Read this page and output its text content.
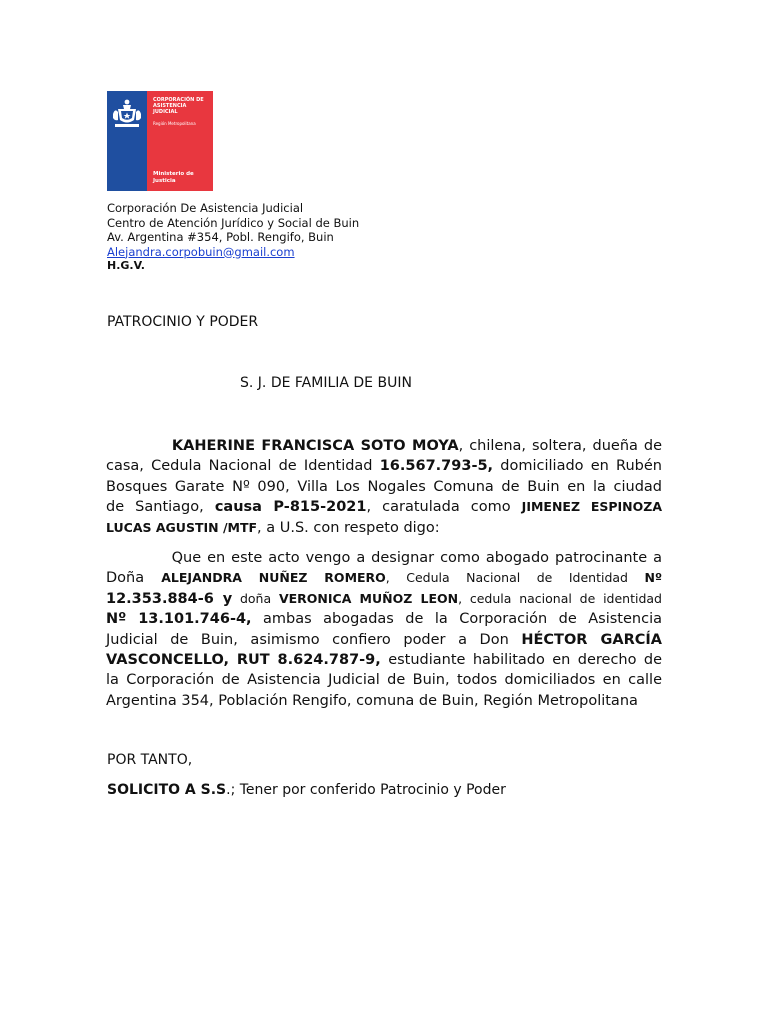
CORPORACIÓN DE ASISTENCIA JUDICIAL
Región Metropolitana
Ministerio de Justicia
Corporación De Asistencia Judicial
Centro de Atención Jurídico y Social de Buin
Av. Argentina #354, Pobl. Rengifo, Buin
Alejandra.corpobuin@gmail.com
H.G.V.
PATROCINIO Y PODER
S. J. DE FAMILIA DE BUIN
KAHERINE FRANCISCA SOTO MOYA, chilena, soltera, dueña de
casa, Cedula Nacional de Identidad 16.567.793-5, domiciliado en Rubén
Bosques Garate Nº 090, Villa Los Nogales Comuna de Buin en la ciudad
de Santiago, causa P-815-2021, caratulada como JIMENEZ ESPINOZA
LUCAS AGUSTIN /MTF, a U.S. con respeto digo:
Que en este acto vengo a designar como abogado patrocinante a
Doña ALEJANDRA NUÑEZ ROMERO, Cedula Nacional de Identidad Nº
12.353.884-6 y doña VERONICA MUÑOZ LEON, cedula nacional de identidad
Nº 13.101.746-4, ambas abogadas de la Corporación de Asistencia
Judicial de Buin, asimismo confiero poder a Don HÉCTOR GARCÍA
VASCONCELLO, RUT 8.624.787-9, estudiante habilitado en derecho de
la Corporación de Asistencia Judicial de Buin, todos domiciliados en calle
Argentina 354, Población Rengifo, comuna de Buin, Región Metropolitana
POR TANTO,
SOLICITO A S.S.; Tener por conferido Patrocinio y Poder
